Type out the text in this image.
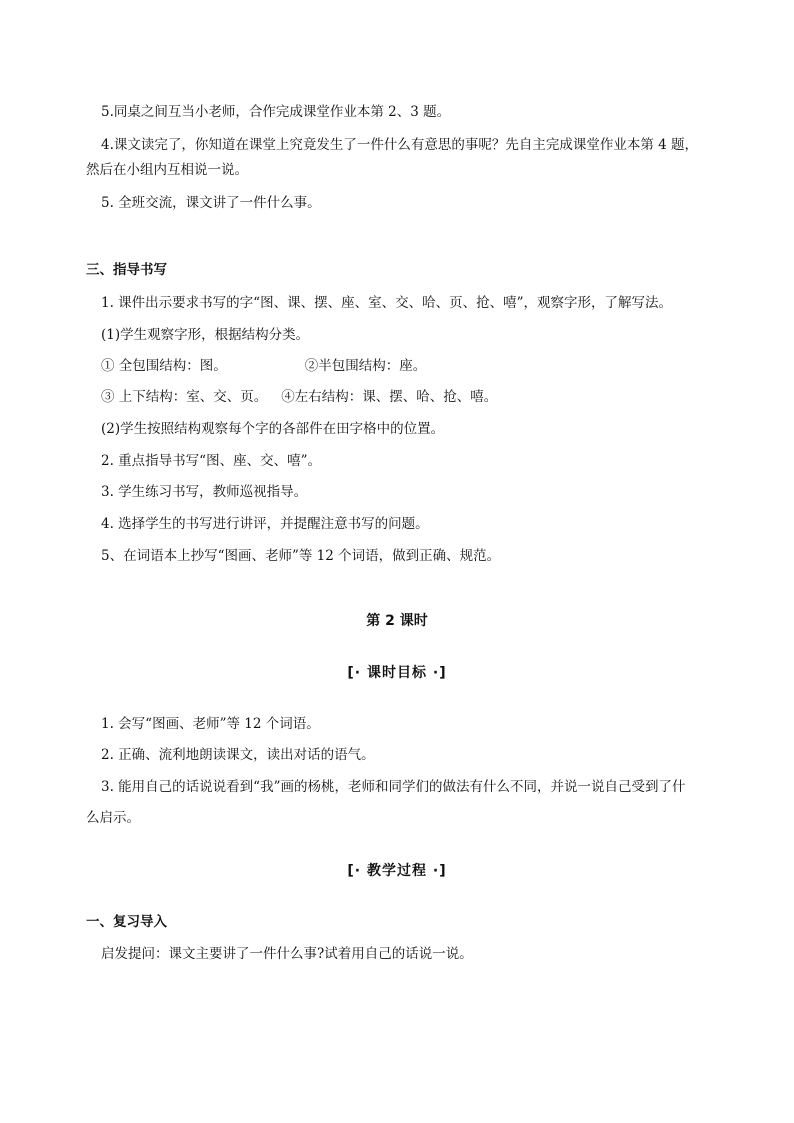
5.同桌之间互当小老师，合作完成课堂作业本第 2、3 题。
4.课文读完了，你知道在课堂上究竟发生了一件什么有意思的事呢？先自主完成课堂作业本第 4 题，
然后在小组内互相说一说。
5. 全班交流，课文讲了一件什么事。
三、指导书写
1. 课件出示要求书写的字“图、课、摆、座、室、交、哈、页、抢、嘻”，观察字形，了解写法。
(1)学生观察字形，根据结构分类。
① 全包围结构：图。	②半包围结构：座。
③ 上下结构：室、交、页。 ④左右结构：课、摆、哈、抢、嘻。
(2)学生按照结构观察每个字的各部件在田字格中的位置。
2. 重点指导书写“图、座、交、嘻”。
3. 学生练习书写，教师巡视指导。
4. 选择学生的书写进行讲评，并提醒注意书写的问题。
5、在词语本上抄写“图画、老师”等 12 个词语，做到正确、规范。
第 2 课时
[· 课时目标 ·]
1. 会写“图画、老师”等 12 个词语。
2. 正确、流利地朗读课文，读出对话的语气。
3. 能用自己的话说说看到“我”画的杨桃，老师和同学们的做法有什么不同，并说一说自己受到了什
么启示。
[· 教学过程 ·]
一、复习导入
启发提问：课文主要讲了一件什么事?试着用自己的话说一说。
